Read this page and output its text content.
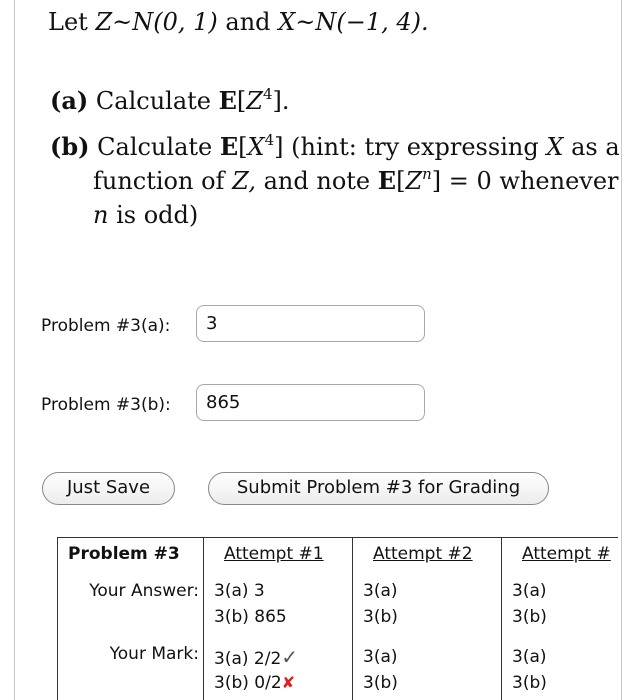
Let Z~N(0, 1) and X~N(−1, 4).
(a) Calculate $E[Z^4]$.
(b) Calculate $E[X^4]$ (hint: try expressing X as a
function of Z, and note $E[Z^n] = 0$ whenever
n is odd)
Problem #3(a):
3
Problem #3(b):
865
Just Save	Submit Problem #3 for Grading
Problem #3
Your Answer:
Your Mark:
Attempt #1
3(a) 3
3(b) 865
3(a) 2/2✓
3(b) 0/2✘
Attempt #2
3(a)
3(b)
3(a)
3(b)
Attempt #
3(a)
3(b)
3(a)
3(b)
